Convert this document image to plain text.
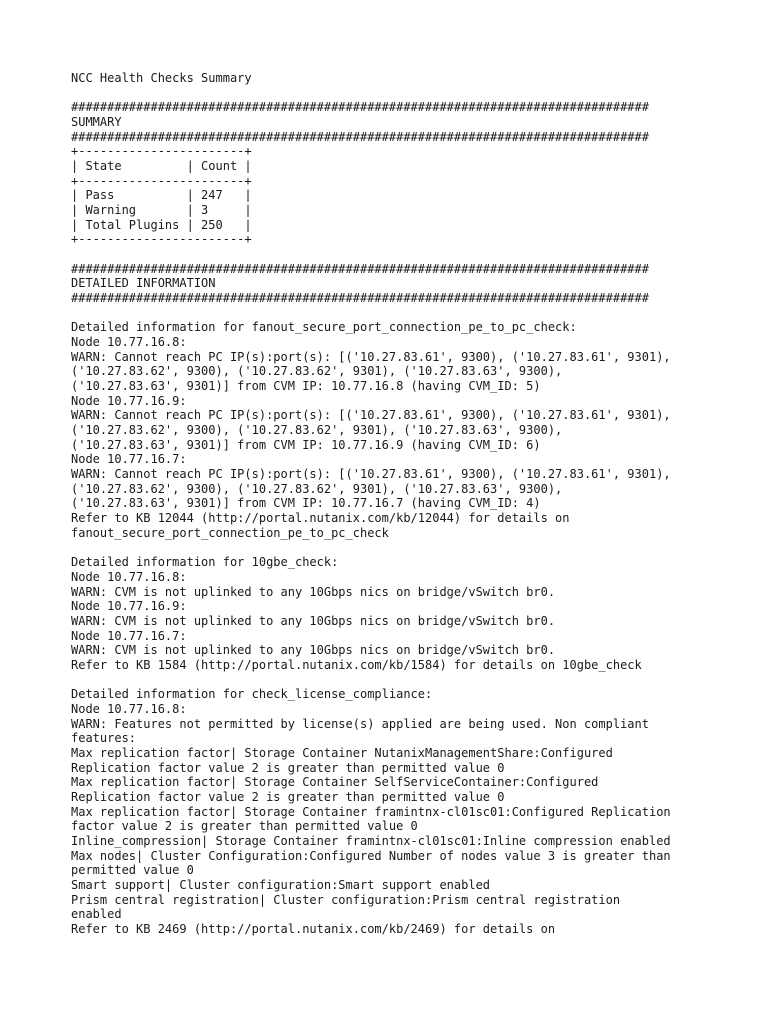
NCC Health Checks Summary
################################################################################
SUMMARY
################################################################################
+-----------------------+
| State         | Count |
+-----------------------+
| Pass          | 247   |
| Warning       | 3     |
| Total Plugins | 250   |
+-----------------------+
################################################################################
DETAILED INFORMATION
################################################################################
Detailed information for fanout_secure_port_connection_pe_to_pc_check:
Node 10.77.16.8:
WARN: Cannot reach PC IP(s):port(s): [('10.27.83.61', 9300), ('10.27.83.61', 9301),
('10.27.83.62', 9300), ('10.27.83.62', 9301), ('10.27.83.63', 9300),
('10.27.83.63', 9301)] from CVM IP: 10.77.16.8 (having CVM_ID: 5)
Node 10.77.16.9:
WARN: Cannot reach PC IP(s):port(s): [('10.27.83.61', 9300), ('10.27.83.61', 9301),
('10.27.83.62', 9300), ('10.27.83.62', 9301), ('10.27.83.63', 9300),
('10.27.83.63', 9301)] from CVM IP: 10.77.16.9 (having CVM_ID: 6)
Node 10.77.16.7:
WARN: Cannot reach PC IP(s):port(s): [('10.27.83.61', 9300), ('10.27.83.61', 9301),
('10.27.83.62', 9300), ('10.27.83.62', 9301), ('10.27.83.63', 9300),
('10.27.83.63', 9301)] from CVM IP: 10.77.16.7 (having CVM_ID: 4)
Refer to KB 12044 (http://portal.nutanix.com/kb/12044) for details on
fanout_secure_port_connection_pe_to_pc_check
Detailed information for 10gbe_check:
Node 10.77.16.8:
WARN: CVM is not uplinked to any 10Gbps nics on bridge/vSwitch br0.
Node 10.77.16.9:
WARN: CVM is not uplinked to any 10Gbps nics on bridge/vSwitch br0.
Node 10.77.16.7:
WARN: CVM is not uplinked to any 10Gbps nics on bridge/vSwitch br0.
Refer to KB 1584 (http://portal.nutanix.com/kb/1584) for details on 10gbe_check
Detailed information for check_license_compliance:
Node 10.77.16.8:
WARN: Features not permitted by license(s) applied are being used. Non compliant
features:
Max replication factor| Storage Container NutanixManagementShare:Configured
Replication factor value 2 is greater than permitted value 0
Max replication factor| Storage Container SelfServiceContainer:Configured
Replication factor value 2 is greater than permitted value 0
Max replication factor| Storage Container framintnx-cl01sc01:Configured Replication
factor value 2 is greater than permitted value 0
Inline_compression| Storage Container framintnx-cl01sc01:Inline compression enabled
Max nodes| Cluster Configuration:Configured Number of nodes value 3 is greater than
permitted value 0
Smart support| Cluster configuration:Smart support enabled
Prism central registration| Cluster configuration:Prism central registration
enabled
Refer to KB 2469 (http://portal.nutanix.com/kb/2469) for details on
